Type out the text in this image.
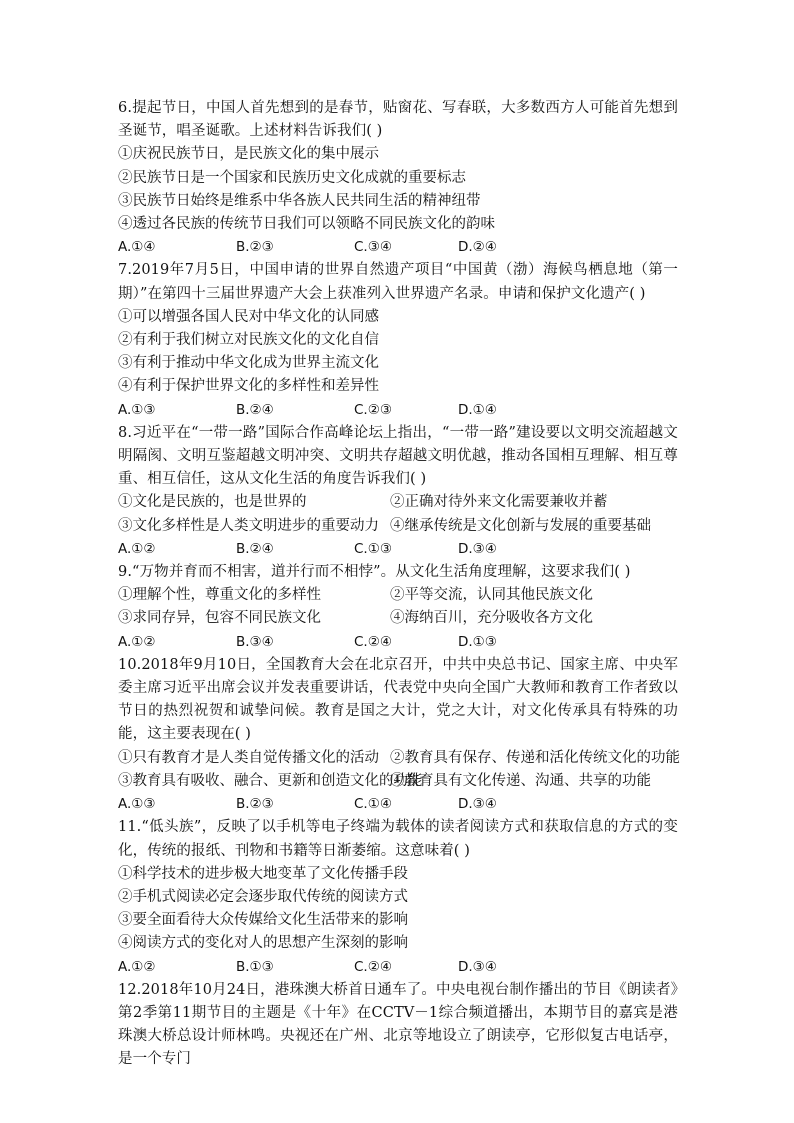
6.提起节日，中国人首先想到的是春节，贴窗花、写春联，大多数西方人可能首先想到圣诞节，唱圣诞歌。上述材料告诉我们( )

①庆祝民族节日，是民族文化的集中展示
②民族节日是一个国家和民族历史文化成就的重要标志
③民族节日始终是维系中华各族人民共同生活的精神纽带
④透过各民族的传统节日我们可以领略不同民族文化的韵味
A.①④	B.②③	C.③④	D.②④

7.2019年7月5日，中国申请的世界自然遗产项目“中国黄（渤）海候鸟栖息地（第一期）”在第四十三届世界遗产大会上获准列入世界遗产名录。申请和保护文化遗产( )

①可以增强各国人民对中华文化的认同感
②有利于我们树立对民族文化的文化自信
③有利于推动中华文化成为世界主流文化
④有利于保护世界文化的多样性和差异性
A.①③	B.②④	C.②③	D.①④

8.习近平在“一带一路”国际合作高峰论坛上指出，“一带一路”建设要以文明交流超越文明隔阂、文明互鉴超越文明冲突、文明共存超越文明优越，推动各国相互理解、相互尊重、相互信任，这从文化生活的角度告诉我们( )

①文化是民族的，也是世界的	②正确对待外来文化需要兼收并蓄
③文化多样性是人类文明进步的重要动力 ④继承传统是文化创新与发展的重要基础
A.①②	B.②④	C.①③	D.③④

9.“万物并育而不相害，道并行而不相悖”。从文化生活角度理解，这要求我们( )

①理解个性，尊重文化的多样性	②平等交流，认同其他民族文化
③求同存异，包容不同民族文化	④海纳百川，充分吸收各方文化
A.①②	B.③④	C.②④	D.①③

10.2018年9月10日，全国教育大会在北京召开，中共中央总书记、国家主席、中央军委主席习近平出席会议并发表重要讲话，代表党中央向全国广大教师和教育工作者致以节日的热烈祝贺和诚挚问候。教育是国之大计，党之大计，对文化传承具有特殊的功能，这主要表现在( )

①只有教育才是人类自觉传播文化的活动 ②教育具有保存、传递和活化传统文化的功能
③教育具有吸收、融合、更新和创造文化的功能
④教育具有文化传递、沟通、共享的功能
A.①③	B.②③	C.①④	D.③④

11.“低头族”，反映了以手机等电子终端为载体的读者阅读方式和获取信息的方式的变化，传统的报纸、刊物和书籍等日渐萎缩。这意味着( )

①科学技术的进步极大地变革了文化传播手段
②手机式阅读必定会逐步取代传统的阅读方式
③要全面看待大众传媒给文化生活带来的影响
④阅读方式的变化对人的思想产生深刻的影响
A.①②	B.①③	C.②④	D.③④

12.2018年10月24日，港珠澳大桥首日通车了。中央电视台制作播出的节目《朗读者》第2季第11期节目的主题是《十年》在CCTV－1综合频道播出，本期节目的嘉宾是港珠澳大桥总设计师林鸣。央视还在广州、北京等地设立了朗读亭，它形似复古电话亭，是一个专门
